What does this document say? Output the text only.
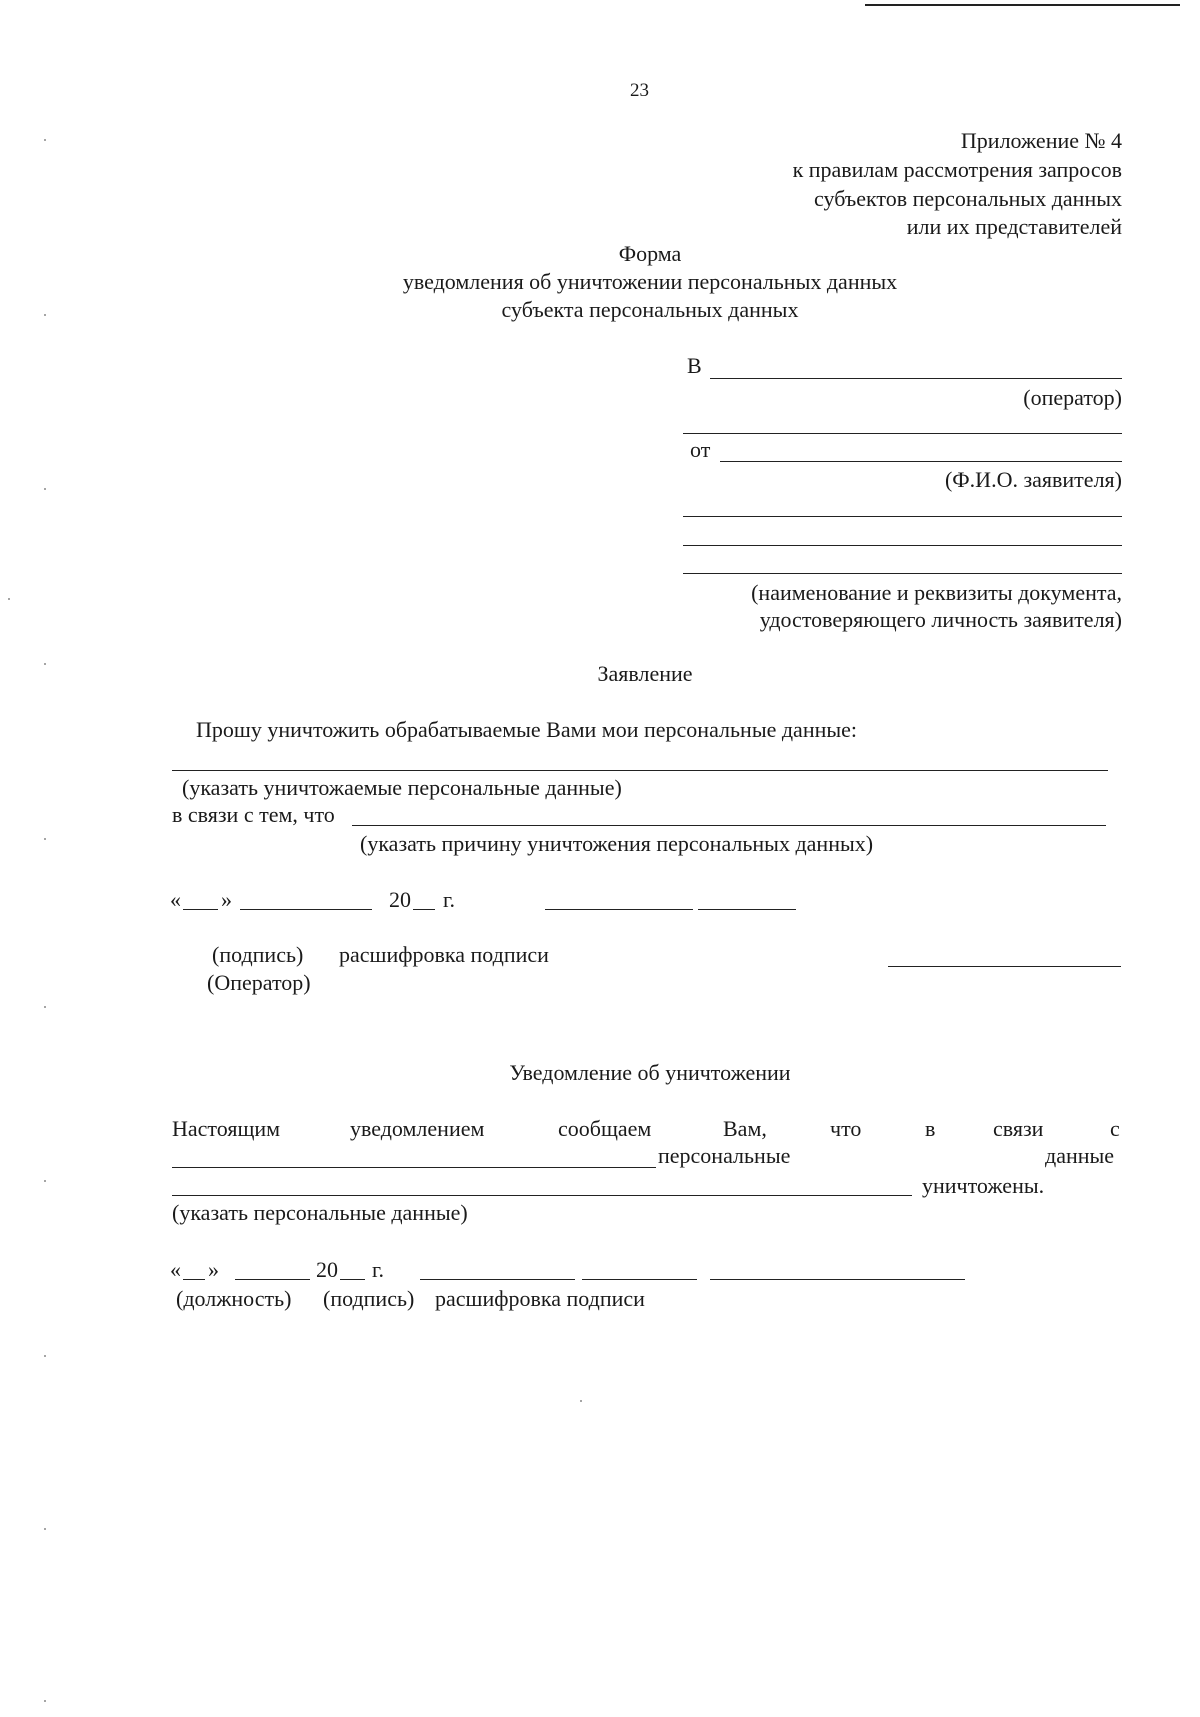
23
Приложение № 4
к правилам рассмотрения запросов
субъектов персональных данных
или их представителей
Форма
уведомления об уничтожении персональных данных
субъекта персональных данных
В
(оператор)
от
(Ф.И.О. заявителя)
(наименование и реквизиты документа,
удостоверяющего личность заявителя)
Заявление
Прошу уничтожить обрабатываемые Вами мои персональные данные:
(указать уничтожаемые персональные данные)
в связи с тем, что
(указать причину уничтожения персональных данных)
« »	20 г.
(подпись) расшифровка подписи
(Оператор)
Уведомление об уничтожении
Настоящим	уведомлением	сообщаем	Вам,	что	в	связи	с
персональные	данные
уничтожены.
(указать персональные данные)
« »	20 г.
(должность) (подпись) расшифровка подписи
